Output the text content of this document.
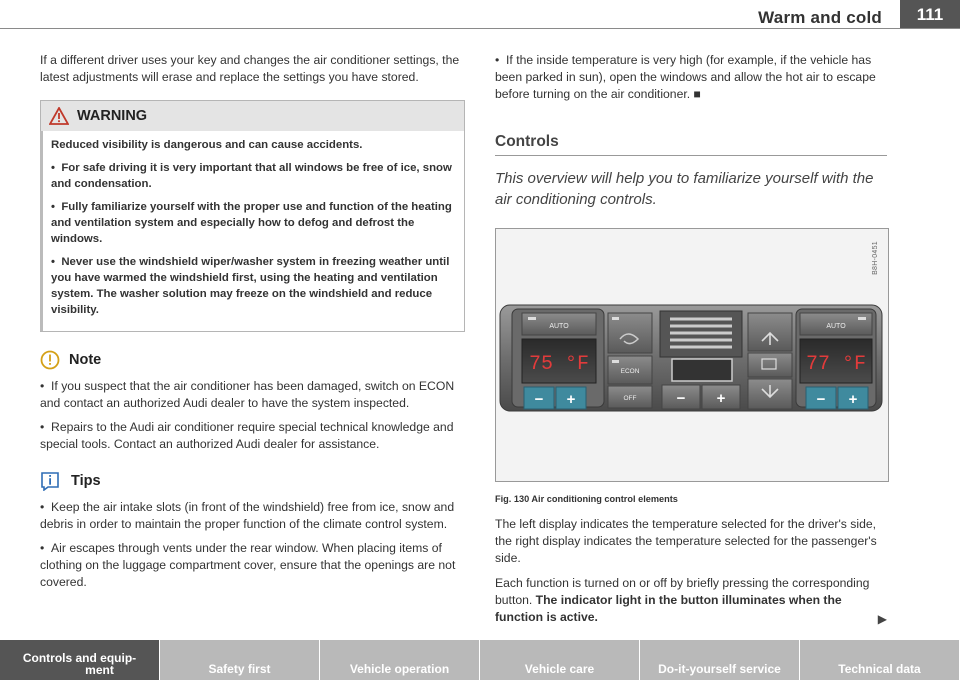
Warm and cold	111

If a different driver uses your key and changes the air conditioner settings, the latest adjustments will erase and replace the settings you have stored.

WARNING

Reduced visibility is dangerous and can cause accidents.

•  For safe driving it is very important that all windows be free of ice, snow and condensation.

•  Fully familiarize yourself with the proper use and function of the heating and ventilation system and especially how to defog and defrost the windows.

•  Never use the windshield wiper/washer system in freezing weather until you have warmed the windshield first, using the heating and ventilation system. The washer solution may freeze on the windshield and reduce visibility.

Note

•  If you suspect that the air conditioner has been damaged, switch on ECON and contact an authorized Audi dealer to have the system inspected.

•  Repairs to the Audi air conditioner require special technical knowledge and special tools. Contact an authorized Audi dealer for assistance.

Tips

•  Keep the air intake slots (in front of the windshield) free from ice, snow and debris in order to maintain the proper function of the climate control system.

•  Air escapes through vents under the rear window. When placing items of clothing on the luggage compartment cover, ensure that the openings are not covered.

•  If the inside temperature is very high (for example, if the vehicle has been parked in sun), open the windows and allow the hot air to escape before turning on the air conditioner. ■

Controls

This overview will help you to familiarize yourself with the air conditioning controls.

B8H-0451
AUTO	AUTO
ECON
OFF
75 °F	77 °F
− +	− +	− +
Fig. 130 Air conditioning control elements

The left display indicates the temperature selected for the driver's side, the right display indicates the temperature selected for the passenger's side.

Each function is turned on or off by briefly pressing the corresponding button. The indicator light in the button illuminates when the function is active.	▶

Controls and equip-
ment	Safety first	Vehicle operation	Vehicle care	Do-it-yourself service	Technical data
